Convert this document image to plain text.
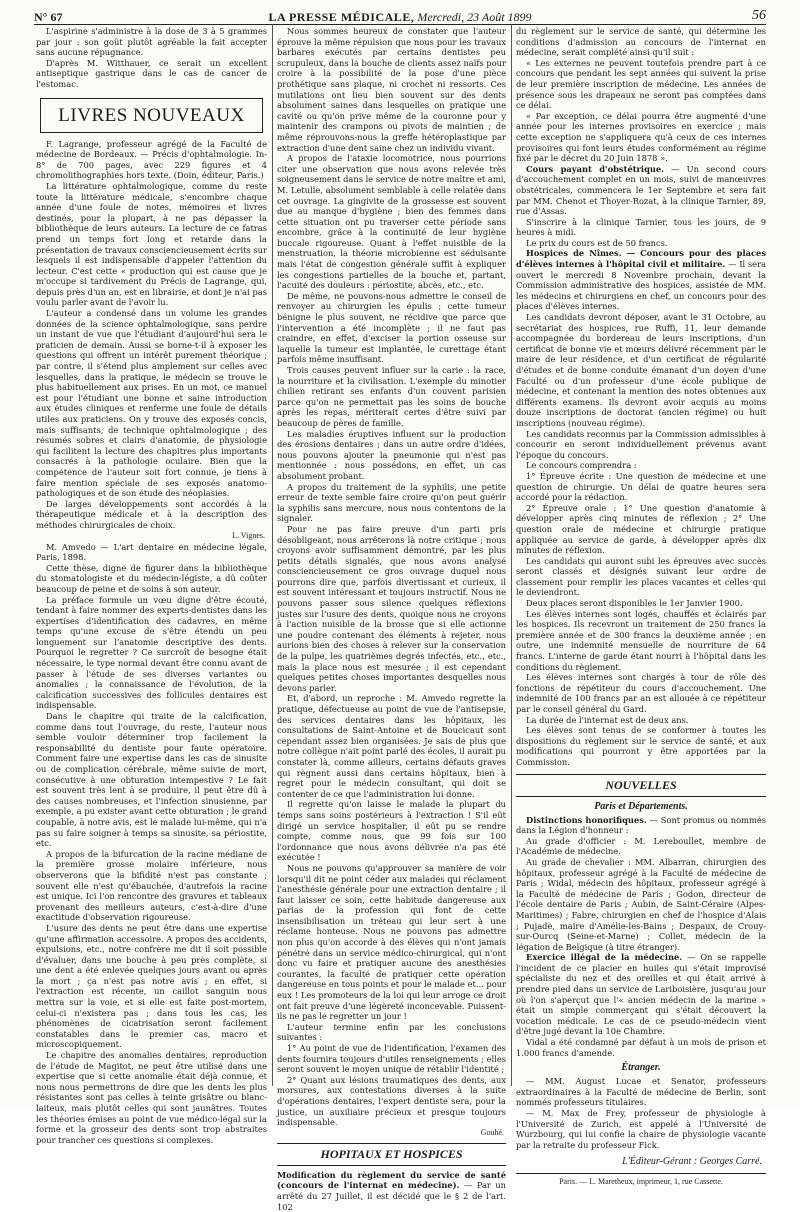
N° 67	LA PRESSE MÉDICALE, Mercredi, 23 Août 1899	56

L'aspirine s'administre à la dose de 3 à 5 grammes par jour : son goût plutôt agréable la fait accepter sans aucune répugnance.

D'après M. Witthauer, ce serait un excellent antiseptique gastrique dans le cas de cancer de l'estomac.

LIVRES NOUVEAUX

F. Lagrange, professeur agrégé de la Faculté de médecine de Bordeaux. — Précis d'ophtalmologie. In-8° de 700 pages, avec 229 figures et 4 chromolithographies hors texte. (Doin, éditeur, Paris.)

La littérature ophtalmologique, comme du reste toute la littérature médicale, s'encombre chaque année d'une foule de notes, mémoires et livres destinés, pour la plupart, à ne pas dépasser la bibliothèque de leurs auteurs. La lecture de ce fatras prend un temps fort long et retarde dans la présentation de travaux consciencieusement écrits sur lesquels il est indispensable d'appeler l'attention du lecteur. C'est cette « production qui est cause que je m'occupe si tardivement du Précis de Lagrange, qui, depuis près d'un an, est en librairie, et dont je n'ai pas voulu parler avant de l'avoir lu.

L'auteur a condensé dans un volume les grandes données de la science ophtalmologique, sans perdre un instant de vue que l'étudiant d'aujourd'hui sera le praticien de demain. Aussi se borne-t-il à exposer les questions qui offrent un intérêt purement théorique ; par contre, il s'étend plus amplement sur celles avec lesquelles, dans la pratique, le médecin se trouve le plus habituellement aux prises. En un mot, ce manuel est pour l'étudiant une bonne et saine introduction aux études cliniques et renferme une foule de détails utiles aux praticiens. On y trouve des exposés concis, mais suffisants, de technique ophtalmologique ; des résumés sobres et clairs d'anatomie, de physiologie qui facilitent la lecture des chapitres plus importants consacrés à la pathologie oculaire. Bien que la compétence de l'auteur soit fort connue, je tiens à faire mention spéciale de ses exposés anatomo-pathologiques et de son étude des néoplasies.

De larges développements sont accordés à la thérapeutique médicale et à la description des méthodes chirurgicales de choix.

L. Vignes.

M. Amvedo — L'art dentaire en médecine légale, Paris, 1898.

Cette thèse, digne de figurer dans la bibliothèque du stomatologiste et du médecin-légiste, a dû coûter beaucoup de peine et de soins à son auteur.

La préface formule un vœu digne d'être écouté, tendant à faire nommer des experts-dentistes dans les expertises d'identification des cadavres, en même temps qu'une excuse de s'être étendu un peu longuement sur l'anatomie descriptive des dents. Pourquoi le regretter ? Ce surcroît de besogne était nécessaire, le type normal devant être connu avant de passer à l'étude de ses diverses variantes ou anomalies ; la connaissance de l'évolution, de la calcification successives des follicules dentaires est indispensable.

Dans le chapitre qui traite de la calcification, comme dans tout l'ouvrage, du reste, l'auteur nous semble vouloir déterminer trop facilement la responsabilité du dentiste pour faute opératoire. Comment faire une expertise dans les cas de sinusite ou de complication cérébrale, même suivie de mort, consécutive à une obturation intempestive ? Le fait est souvent très lent à se produire, il peut être dû à des causes nombreuses, et l'infection sinusienne, par exemple, a pu exister avant cette obturation ; le grand coupable, à notre avis, est le malade lui-même, qui n'a pas su faire soigner à temps sa sinusite, sa périostite, etc.

A propos de la bifurcation de la racine médiane de la première grosse molaire inférieure, nous observerons que la bifidité n'est pas constante ; souvent elle n'est qu'ébauchée, d'autrefois la racine est unique. Ici l'on rencontre des gravures et tableaux provenant des meilleurs auteurs, c'est-à-dire d'une exactitude d'observation rigoureuse.

L'usure des dents ne peut être dans une expertise qu'une affirmation accessoire. A propos des accidents, expulsions, etc., notre confrère me dit il soit possible d'évaluer, dans une bouche à peu près complète, si une dent a été enlevée quelques jours avant ou après la mort ; ça n'est pas notre avis ; en effet, si l'extraction est récente, un caillot sanguin nous mettra sur la voie, et si elle est faite post-mortem, celui-ci n'existera pas ; dans tous les cas, les phénomènes de cicatrisation seront facilement constatables dans le premier cas, macro et microscopiquement.

Le chapitre des anomalies dentaires, reproduction de l'étude de Magitot, ne peut être utilisé dans une expertise que si cette anomalie était déjà connue, et nous nous permettrons de dire que les dents les plus résistantes sont pas celles à teinte grisâtre ou blanc-laiteux, mais plutôt celles qui sont jaunâtres. Toutes les théories émises au point de vue médico-légal sur la forme et la grosseur des dents sont trop abstraites pour trancher ces questions si complexes.

Nous sommes heureux de constater que l'auteur éprouve la même répulsion que nous pour les travaux barbares exécutés par certains dentistes peu scrupuleux, dans la bouche de clients assez naïfs pour croire à la possibilité de la pose d'une pièce prothétique sans plaque, ni crochet ni ressorts. Ces mutilations ont lieu bien souvent sur des dents absolument saines dans lesquelles on pratique une cavité ou qu'on prive même de la couronne pour y maintenir des crampons ou pivots de maintien ; de même réprouvons-nous la greffe hétéroplastique par extraction d'une dent saine chez un individu vivant.

A propos de l'ataxie locomotrice, nous pourrions citer une observation que nous avons relevée très soigneusement dans le service de notre maître et ami, M. Letulle, absolument semblable à celle relatée dans cet ouvrage. La gingivite de la grossesse est souvent due au manque d'hygiène ; bien des femmes dans cette situation ont pu traverser cette période sans encombre, grâce à la continuité de leur hygiène buccale rigoureuse. Quant à l'effet nuisible de la menstruation, la théorie microbienne est séduisante mais l'état de congestion générale suffit à expliquer les congestions partielles de la bouche et, partant, l'acuité des douleurs : périostite, abcès, etc., etc.

De même, ne pouvons-nous admettre le conseil de renvoyer au chirurgien les épulis ; cette tumeur bénigne le plus souvent, ne récidive que parce que l'intervention a été incomplète ; il ne faut pas craindre, en effet, d'exciser la portion osseuse sur laquelle la tumeur est implantée, le curettage étant parfois même insuffisant.

Trois causes peuvent influer sur la carie : la race, la nourriture et la civilisation. L'exemple du minotier chilien retirant ses enfants d'un couvent parisien parce qu'on ne permettait pas les soins de bouche après les repas, mériterait certes d'être suivi par beaucoup de pères de famille.

Les maladies éruptives influent sur la production des érosions dentaires ; dans un autre ordre d'idées, nous pouvons ajouter la pneumonie qui n'est pas mentionnée : nous possédons, en effet, un cas absolument probant.

A propos du traitement de la syphilis, une petite erreur de texte semble faire croire qu'on peut guérir la syphilis sans mercure, nous nous contentons de la signaler.

Pour ne pas faire preuve d'un parti pris désobligeant, nous arrêterons là notre critique ; nous croyons avoir suffisamment démontré, par les plus petits détails signalés, que nous avons analysé consciencieusement ce gros ouvrage duquel nous pourrons dire que, parfois divertissant et curieux, il est souvent intéressant et toujours instructif. Nous ne pouvons passer sous silence quelques réflexions justes sur l'usure des dents, quoique nous ne croyons à l'action nuisible de la brosse que si elle actionne une poudre contenant des éléments à rejeter, nous aurions bien des choses à relever sur la conservation de la pulpe, les quatrièmes degrés infectés, etc., etc., mais la place nous est mesurée ; il est cependant quelques petites choses importantes desquelles nous devons parler.

Et, d'abord, un reproche : M. Amvedo regrette la pratique, défectueuse au point de vue de l'antisepsie, des services dentaires dans les hôpitaux, les consultations de Saint-Antoine et de Boucicaut sont cependant assez bien organisées. Je sais de plus que notre collègue n'ait point parlé des écoles, il aurait pu constater là, comme ailleurs, certains défauts graves qui règnent aussi dans certains hôpitaux, bien à regret pour le médecin consultant, qui doit se contenter de ce que l'administration lui donne.

Il regrette qu'on laisse le malade la plupart du temps sans soins postérieurs à l'extraction ! S'il eût dirigé un service hospitalier, il eût pu se rendre compte, comme nous, que 99 fois sur 100 l'ordonnance que nous avons délivrée n'a pas été exécutée !

Nous ne pouvons qu'approuver sa manière de voir lorsqu'il dit ne point céder aux malades qui réclament l'anesthésie générale pour une extraction dentaire ; il faut laisser ce soin, cette habitude dangereuse aux parias de la profession qui font de cette insensibilisation un tréteau qui leur sert à une réclame honteuse. Nous ne pouvons pas admettre non plus qu'on accorde à des élèves qui n'ont jamais pénétré dans un service médico-chirurgical, qui n'ont donc vu faire et pratiquer aucune des anesthésies courantes, la faculté de pratiquer cette opération dangereuse en tous points et pour le malade et... pour eux ! Les promoteurs de la loi qui leur arroge ce droit ont fait preuve d'une légèreté inconcevable. Puissent-ils ne pas le regretter un jour !

L'auteur termine enfin par les conclusions suivantes :

1° Au point de vue de l'identification, l'examen des dents fournira toujours d'utiles renseignements ; elles seront souvent le moyen unique de rétablir l'identité ;

2° Quant aux lésions traumatiques des dents, aux morsures, aux contestations diverses à la suite d'opérations dentaires, l'expert dentiste sera, pour la justice, un auxiliaire précieux et presque toujours indispensable.

Gouhé.
HOPITAUX ET HOSPICES

Modification du règlement du service de santé (concours de l'internat en médecine). — Par un arrêté du 27 Juillet, il est décidé que le § 2 de l'art. 102

du règlement sur le service de santé, qui détermine les conditions d'admission au concours de l'internat en médecine, serait complété ainsi qu'il suit :

« Les externes ne peuvent toutefois prendre part à ce concours que pendant les sept années qui suivent la prise de leur première inscription de médecine. Les années de présence sous les drapeaux ne seront pas comptées dans ce délai.

« Par exception, ce délai pourra être augmenté d'une année pour les internes provisoires en exercice ; mais cette exception ne s'appliquera qu'à ceux de ces internes provisoires qui font leurs études conformément au régime fixé par le décret du 20 Juin 1878 ».

Cours payant d'obstétrique. — Un second cours d'accouchement complet en un mois, suivi de manœuvres obstétricales, commencera le 1er Septembre et sera fait par MM. Chenot et Thoyer-Rozat, à la clinique Tarnier, 89, rue d'Assas.

S'inscrire à la clinique Tarnier, tous les jours, de 9 heures à midi.

Le prix du cours est de 50 francs.

Hospices de Nîmes. — Concours pour des places d'élèves internes à l'hôpital civil et militaire. — Il sera ouvert le mercredi 8 Novembre prochain, devant la Commission administrative des hospices, assistée de MM. les médecins et chirurgiens en chef, un concours pour des places d'élèves internes.

Les candidats devront déposer, avant le 31 Octobre, au secrétariat des hospices, rue Ruffi, 11, leur demande accompagnée du bordereau de leurs inscriptions, d'un certificat de bonne vie et mœurs délivré récemment par le maire de leur résidence, et d'un certificat de régularité d'études et de bonne conduite émanant d'un doyen d'une Faculté ou d'un professeur d'une école publique de médecine, et contenant la mention des notes obtenues aux différents examens. Ils devront avoir acquis au moins douze inscriptions de doctorat (ancien régime) ou huit inscriptions (nouveau régime).

Les candidats reconnus par la Commission admissibles à concourir en seront individuellement prévenus avant l'époque du concours.

Le concours comprendra :

1° Épreuve écrite : Une question de médecine et une question de chirurgie. Un délai de quatre heures sera accordé pour la rédaction.

2° Épreuve orale : 1° Une question d'anatomie à développer après cinq minutes de réflexion ; 2° Une question orale de médecine et chirurgie pratique appliquée au service de garde, à développer après dix minutes de réflexion.

Les candidats qui auront subi les épreuves avec succès seront classés et désignés suivant leur ordre de classement pour remplir les places vacantes et celles qui le deviendront.

Deux places seront disponibles le 1er Janvier 1900.

Les élèves internes sont logés, chauffés et éclairés par les hospices. Ils recevront un traitement de 250 francs la première année et de 300 francs la deuxième année ; en outre, une indemnité mensuelle de nourriture de 64 francs. L'interne de garde étant nourri à l'hôpital dans les conditions du règlement.

Les élèves internes sont chargés à tour de rôle des fonctions de répétiteur du cours d'accouchement. Une indemnité de 100 francs par an est allouée à ce répétiteur par le conseil général du Gard.

La durée de l'internat est de deux ans.

Les élèves sont tenus de se conformer à toutes les dispositions du règlement sur le service de santé, et aux modifications qui pourront y être apportées par la Commission.

NOUVELLES
Paris et Départements.

Distinctions honorifiques. — Sont promus ou nommés dans la Légion d'honneur :

Au grade d'officier : M. Lereboullet, membre de l'Académie de médecine.

Au grade de chevalier : MM. Albarran, chirurgien des hôpitaux, professeur agrégé à la Faculté de médecine de Paris ; Widal, médecin des hôpitaux, professeur agrégé à la Faculté de médecine de Paris ; Godon, directeur de l'école dentaire de Paris ; Aubin, de Saint-Céraire (Alpes-Maritimes) ; Fabre, chirurgien en chef de l'hospice d'Alais ; Pujade, maire d'Amélie-les-Bains ; Despaux, de Crouy-sur-Ourcq (Seine-et-Marne) ; Collet, médecin de la légation de Belgique (à titre étranger).

Exercice illégal de la médecine. — On se rappelle l'incident de ce placier en huiles qui s'était improvisé spécialiste du nez et des oreilles et qui était arrivé à prendre pied dans un service de Lariboisière, jusqu'au jour où l'on s'aperçut que l'« ancien médecin de la marine » était un simple commerçant qui s'était découvert la vocation médicale. Le cas de ce pseudo-médecin vient d'être jugé devant la 10e Chambre.

Vidal a été condamné par défaut à un mois de prison et 1.000 francs d'amende.

Étranger.

— MM. August Lucae et Senator, professeurs extraordinaires à la Faculté de médecine de Berlin, sont nommés professeurs titulaires.

— M. Max de Frey, professeur de physiologie à l'Université de Zurich, est appelé à l'Université de Wurzbourg, qui lui confie la chaire de physiologie vacante par la retraite du professeur Fick.

L'Éditeur-Gérant : Georges Carré.
Paris. — L. Maretheux, imprimeur, 1, rue Cassette.
